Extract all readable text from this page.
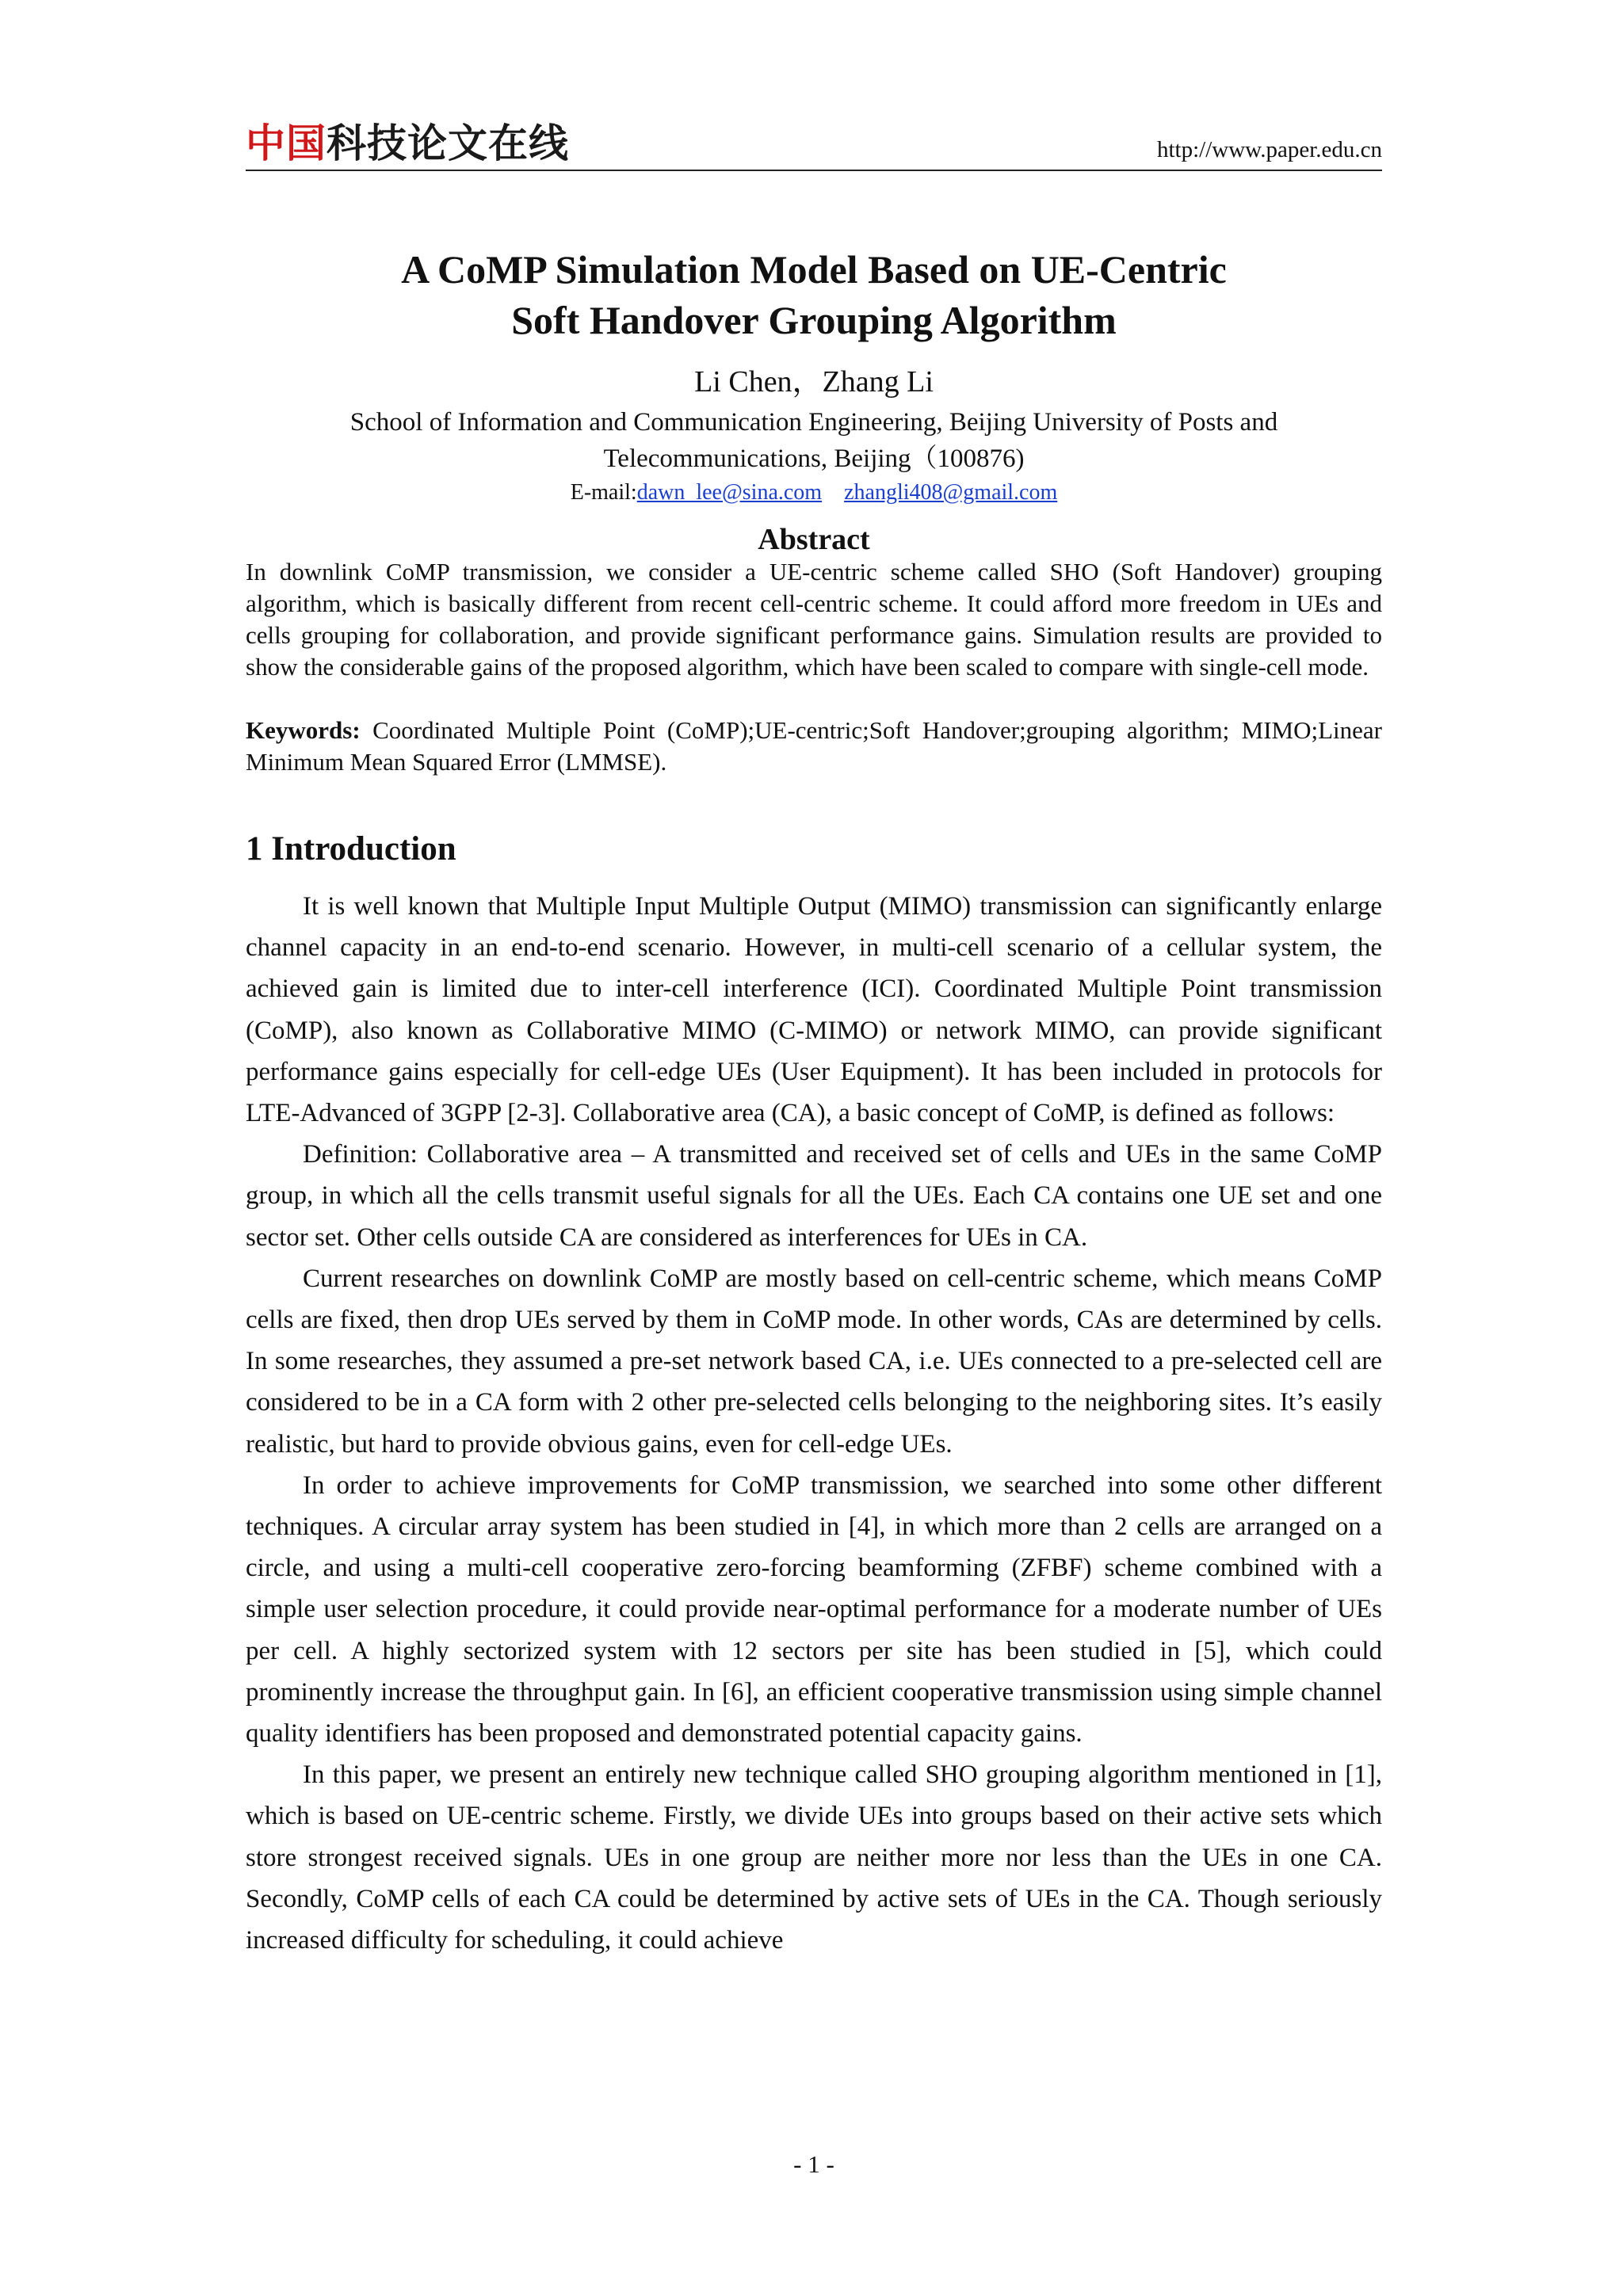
中国科技论文在线	http://www.paper.edu.cn
A CoMP Simulation Model Based on UE-Centric
Soft Handover Grouping Algorithm
Li Chen，Zhang Li
School of Information and Communication Engineering, Beijing University of Posts and
Telecommunications, Beijing（100876)
E-mail:dawn_lee@sina.com zhangli408@gmail.com
Abstract
In downlink CoMP transmission, we consider a UE-centric scheme called SHO (Soft Handover) grouping algorithm, which is basically different from recent cell-centric scheme. It could afford more freedom in UEs and cells grouping for collaboration, and provide significant performance gains. Simulation results are provided to show the considerable gains of the proposed algorithm, which have been scaled to compare with single-cell mode.
Keywords: Coordinated Multiple Point (CoMP);UE-centric;Soft Handover;grouping algorithm; MIMO;Linear Minimum Mean Squared Error (LMMSE).
1 Introduction

It is well known that Multiple Input Multiple Output (MIMO) transmission can significantly enlarge channel capacity in an end-to-end scenario. However, in multi-cell scenario of a cellular system, the achieved gain is limited due to inter-cell interference (ICI). Coordinated Multiple Point transmission (CoMP), also known as Collaborative MIMO (C-MIMO) or network MIMO, can provide significant performance gains especially for cell-edge UEs (User Equipment). It has been included in protocols for LTE-Advanced of 3GPP [2-3]. Collaborative area (CA), a basic concept of CoMP, is defined as follows:

Definition: Collaborative area – A transmitted and received set of cells and UEs in the same CoMP group, in which all the cells transmit useful signals for all the UEs. Each CA contains one UE set and one sector set. Other cells outside CA are considered as interferences for UEs in CA.

Current researches on downlink CoMP are mostly based on cell-centric scheme, which means CoMP cells are fixed, then drop UEs served by them in CoMP mode. In other words, CAs are determined by cells. In some researches, they assumed a pre-set network based CA, i.e. UEs connected to a pre-selected cell are considered to be in a CA form with 2 other pre-selected cells belonging to the neighboring sites. It’s easily realistic, but hard to provide obvious gains, even for cell-edge UEs.

In order to achieve improvements for CoMP transmission, we searched into some other different techniques. A circular array system has been studied in [4], in which more than 2 cells are arranged on a circle, and using a multi-cell cooperative zero-forcing beamforming (ZFBF) scheme combined with a simple user selection procedure, it could provide near-optimal performance for a moderate number of UEs per cell. A highly sectorized system with 12 sectors per site has been studied in [5], which could prominently increase the throughput gain. In [6], an efficient cooperative transmission using simple channel quality identifiers has been proposed and demonstrated potential capacity gains.

In this paper, we present an entirely new technique called SHO grouping algorithm mentioned in [1], which is based on UE-centric scheme. Firstly, we divide UEs into groups based on their active sets which store strongest received signals. UEs in one group are neither more nor less than the UEs in one CA. Secondly, CoMP cells of each CA could be determined by active sets of UEs in the CA. Though seriously increased difficulty for scheduling, it could achieve

- 1 -
